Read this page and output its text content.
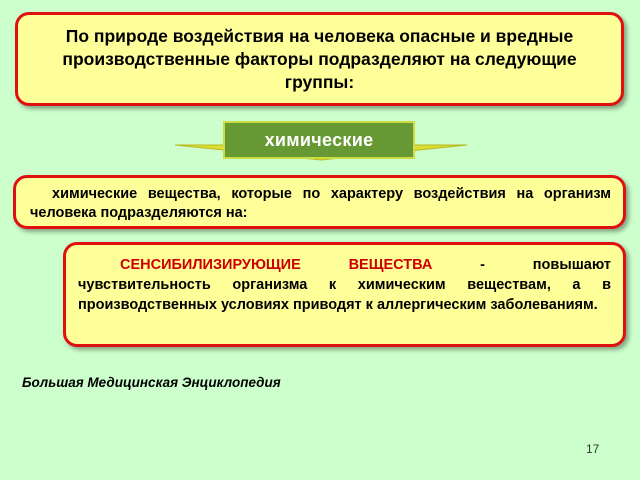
По природе воздействия на человека опасные и вредные производственные факторы подразделяют на следующие группы:
химические
химические вещества, которые по характеру воздействия на организм человека подразделяются на:
СЕНСИБИЛИЗИРУЮЩИЕ ВЕЩЕСТВА - повышают чувствительность организма к химическим веществам, а в производственных условиях приводят к аллергическим заболеваниям.
Большая Медицинская Энциклопедия
17
